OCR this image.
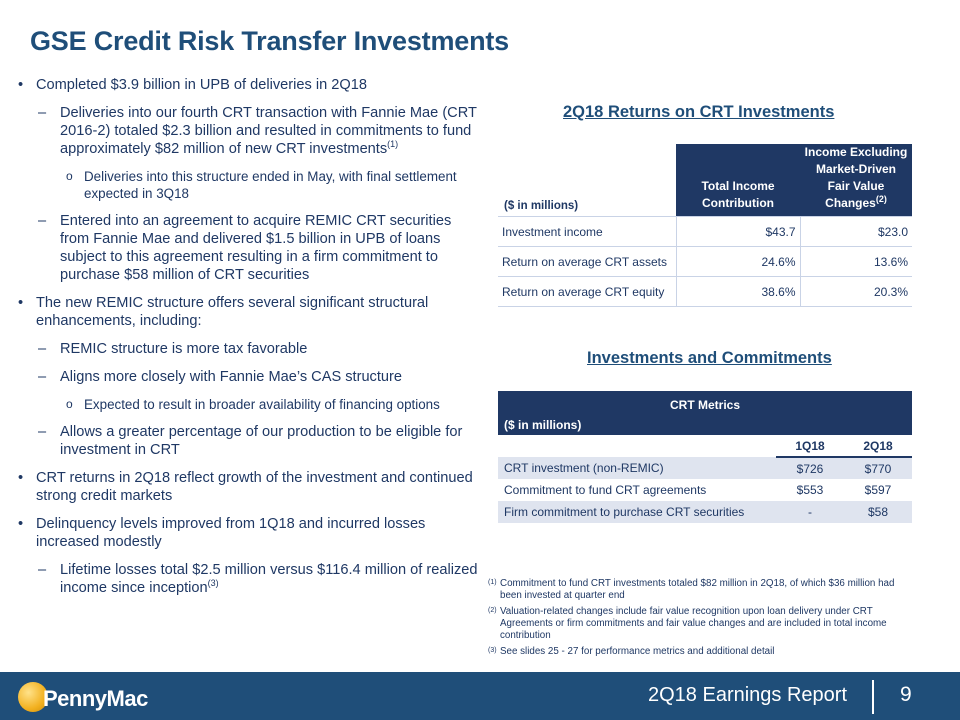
GSE Credit Risk Transfer Investments
• Completed $3.9 billion in UPB of deliveries in 2Q18
– Deliveries into our fourth CRT transaction with Fannie Mae (CRT 2016-2) totaled $2.3 billion and resulted in commitments to fund approximately $82 million of new CRT investments$^{(1)}$
o Deliveries into this structure ended in May, with final settlement expected in 3Q18
– Entered into an agreement to acquire REMIC CRT securities from Fannie Mae and delivered $1.5 billion in UPB of loans subject to this agreement resulting in a firm commitment to purchase $58 million of CRT securities
• The new REMIC structure offers several significant structural enhancements, including:
– REMIC structure is more tax favorable
– Aligns more closely with Fannie Mae’s CAS structure
o Expected to result in broader availability of financing options
– Allows a greater percentage of our production to be eligible for investment in CRT
• CRT returns in 2Q18 reflect growth of the investment and continued strong credit markets
• Delinquency levels improved from 1Q18 and incurred losses increased modestly
– Lifetime losses total $2.5 million versus $116.4 million of realized income since inception$^{(3)}$
2Q18 Returns on CRT Investments
($ in millions)	Total Income Contribution	Income Excluding Market-Driven Fair Value Changes$^{(2)}$
Investment income	$43.7	$23.0
Return on average CRT assets	24.6%	13.6%
Return on average CRT equity	38.6%	20.3%
Investments and Commitments
CRT Metrics
($ in millions)		

	1Q18	2Q18
CRT investment (non-REMIC)	$726	$770
Commitment to fund CRT agreements	$553	$597
Firm commitment to purchase CRT securities	-	$58
(1) Commitment to fund CRT investments totaled $82 million in 2Q18, of which $36 million had been invested at quarter end
(2) Valuation-related changes include fair value recognition upon loan delivery under CRT Agreements or firm commitments and fair value changes and are included in total income contribution
(3) See slides 25 - 27 for performance metrics and additional detail
PennyMac	2Q18 Earnings Report	9
